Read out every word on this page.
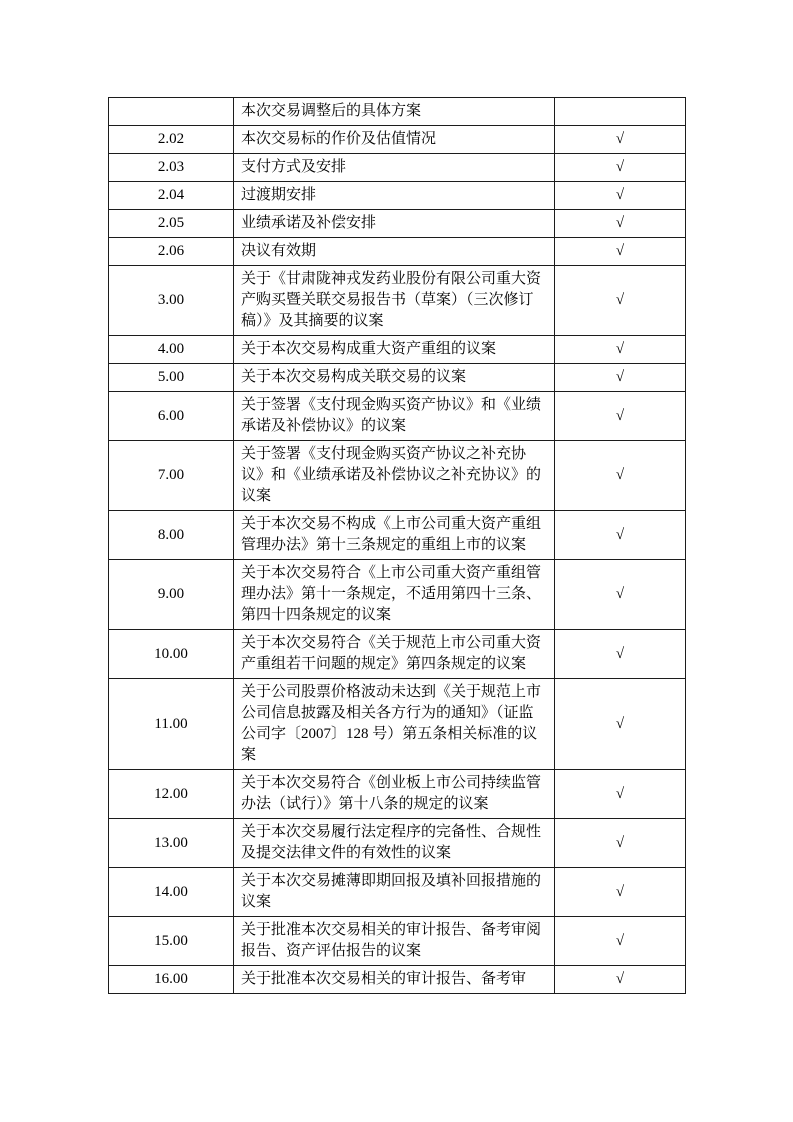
	本次交易调整后的具体方案	
2.02	本次交易标的作价及估值情况	√
2.03	支付方式及安排	√
2.04	过渡期安排	√
2.05	业绩承诺及补偿安排	√
2.06	决议有效期	√
3.00	关于《甘肃陇神戎发药业股份有限公司重大资产购买暨关联交易报告书（草案）（三次修订稿）》及其摘要的议案	√
4.00	关于本次交易构成重大资产重组的议案	√
5.00	关于本次交易构成关联交易的议案	√
6.00	关于签署《支付现金购买资产协议》和《业绩承诺及补偿协议》的议案	√
7.00	关于签署《支付现金购买资产协议之补充协议》和《业绩承诺及补偿协议之补充协议》的议案	√
8.00	关于本次交易不构成《上市公司重大资产重组管理办法》第十三条规定的重组上市的议案	√
9.00	关于本次交易符合《上市公司重大资产重组管理办法》第十一条规定，不适用第四十三条、第四十四条规定的议案	√
10.00	关于本次交易符合《关于规范上市公司重大资产重组若干问题的规定》第四条规定的议案	√
11.00	关于公司股票价格波动未达到《关于规范上市公司信息披露及相关各方行为的通知》（证监公司字〔2007〕128 号）第五条相关标准的议案	√
12.00	关于本次交易符合《创业板上市公司持续监管办法（试行）》第十八条的规定的议案	√
13.00	关于本次交易履行法定程序的完备性、合规性及提交法律文件的有效性的议案	√
14.00	关于本次交易摊薄即期回报及填补回报措施的议案	√
15.00	关于批准本次交易相关的审计报告、备考审阅报告、资产评估报告的议案	√
16.00	关于批准本次交易相关的审计报告、备考审	√
